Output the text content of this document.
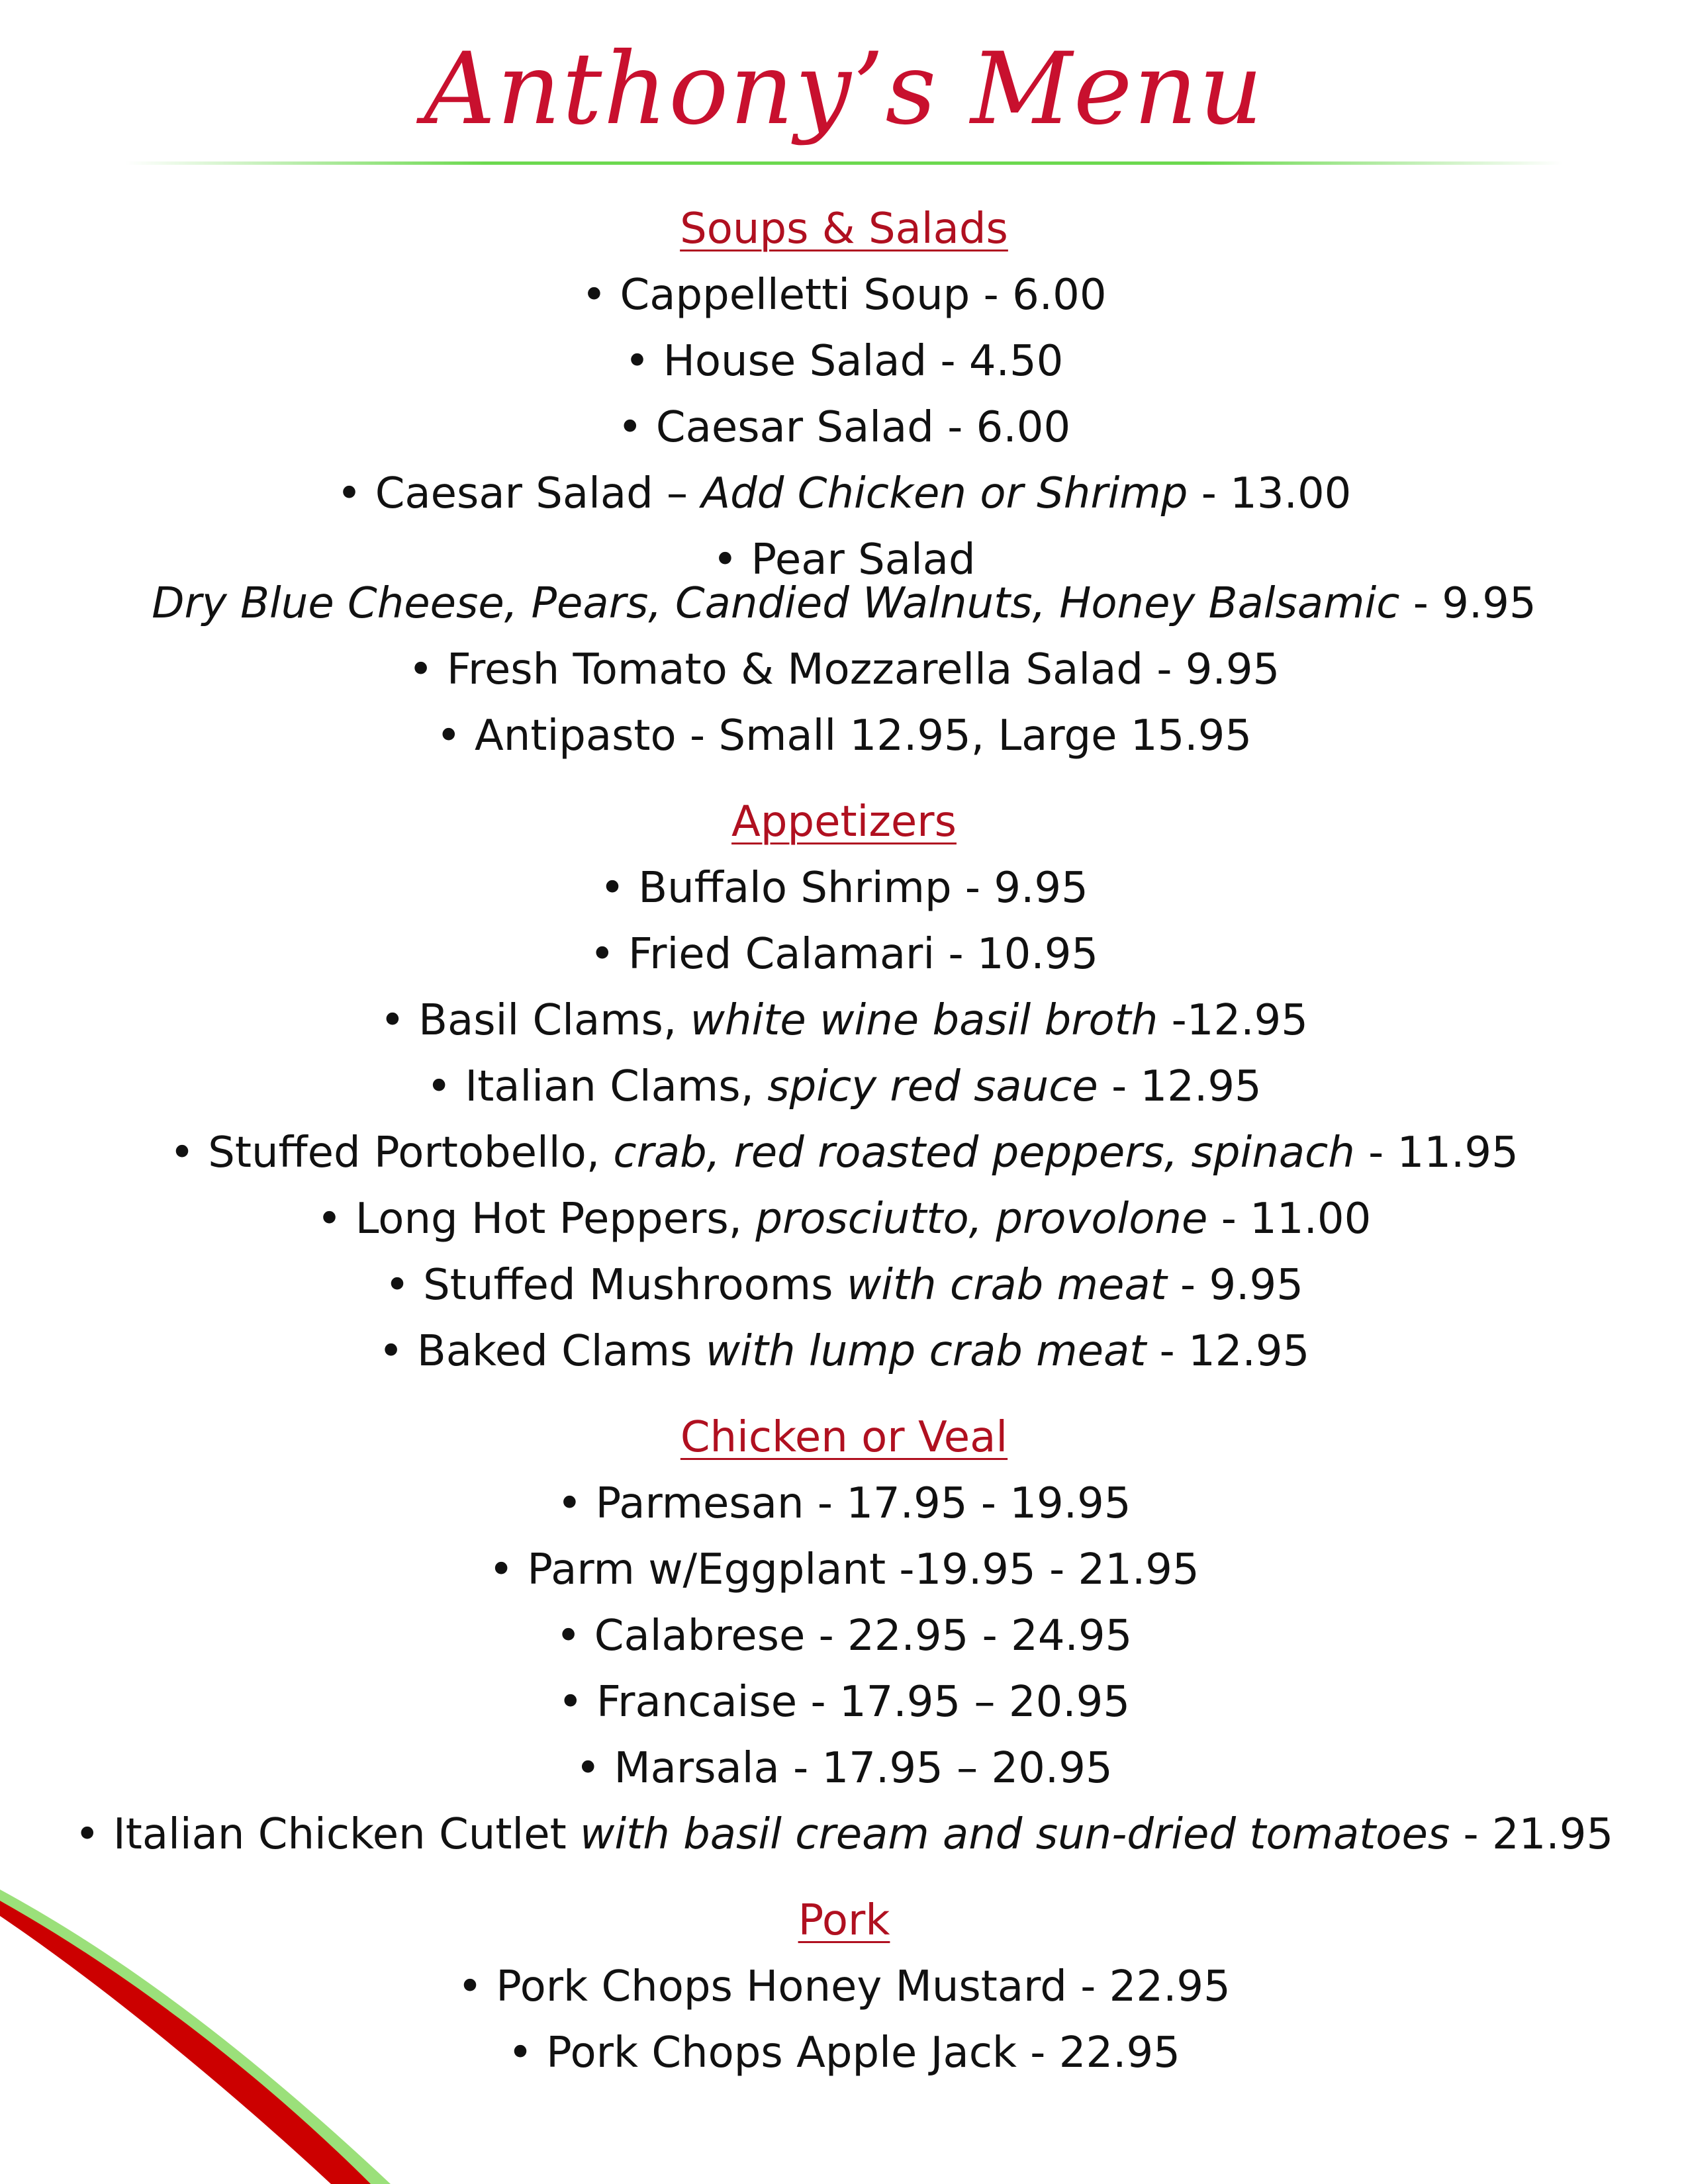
Anthony’s Menu
Soups & Salads
• Cappelletti Soup - 6.00
• House Salad - 4.50
• Caesar Salad - 6.00
• Caesar Salad – Add Chicken or Shrimp - 13.00
• Pear Salad
Dry Blue Cheese, Pears, Candied Walnuts, Honey Balsamic - 9.95
• Fresh Tomato & Mozzarella Salad - 9.95
• Antipasto - Small 12.95, Large 15.95
Appetizers
• Buffalo Shrimp - 9.95
• Fried Calamari - 10.95
• Basil Clams, white wine basil broth -12.95
• Italian Clams, spicy red sauce - 12.95
• Stuffed Portobello, crab, red roasted peppers, spinach - 11.95
• Long Hot Peppers, prosciutto, provolone - 11.00
• Stuffed Mushrooms with crab meat - 9.95
• Baked Clams with lump crab meat - 12.95
Chicken or Veal
• Parmesan - 17.95 - 19.95
• Parm w/Eggplant -19.95 - 21.95
• Calabrese - 22.95 - 24.95
• Francaise - 17.95 – 20.95
• Marsala - 17.95 – 20.95
• Italian Chicken Cutlet with basil cream and sun-dried tomatoes - 21.95
Pork
• Pork Chops Honey Mustard - 22.95
• Pork Chops Apple Jack - 22.95
